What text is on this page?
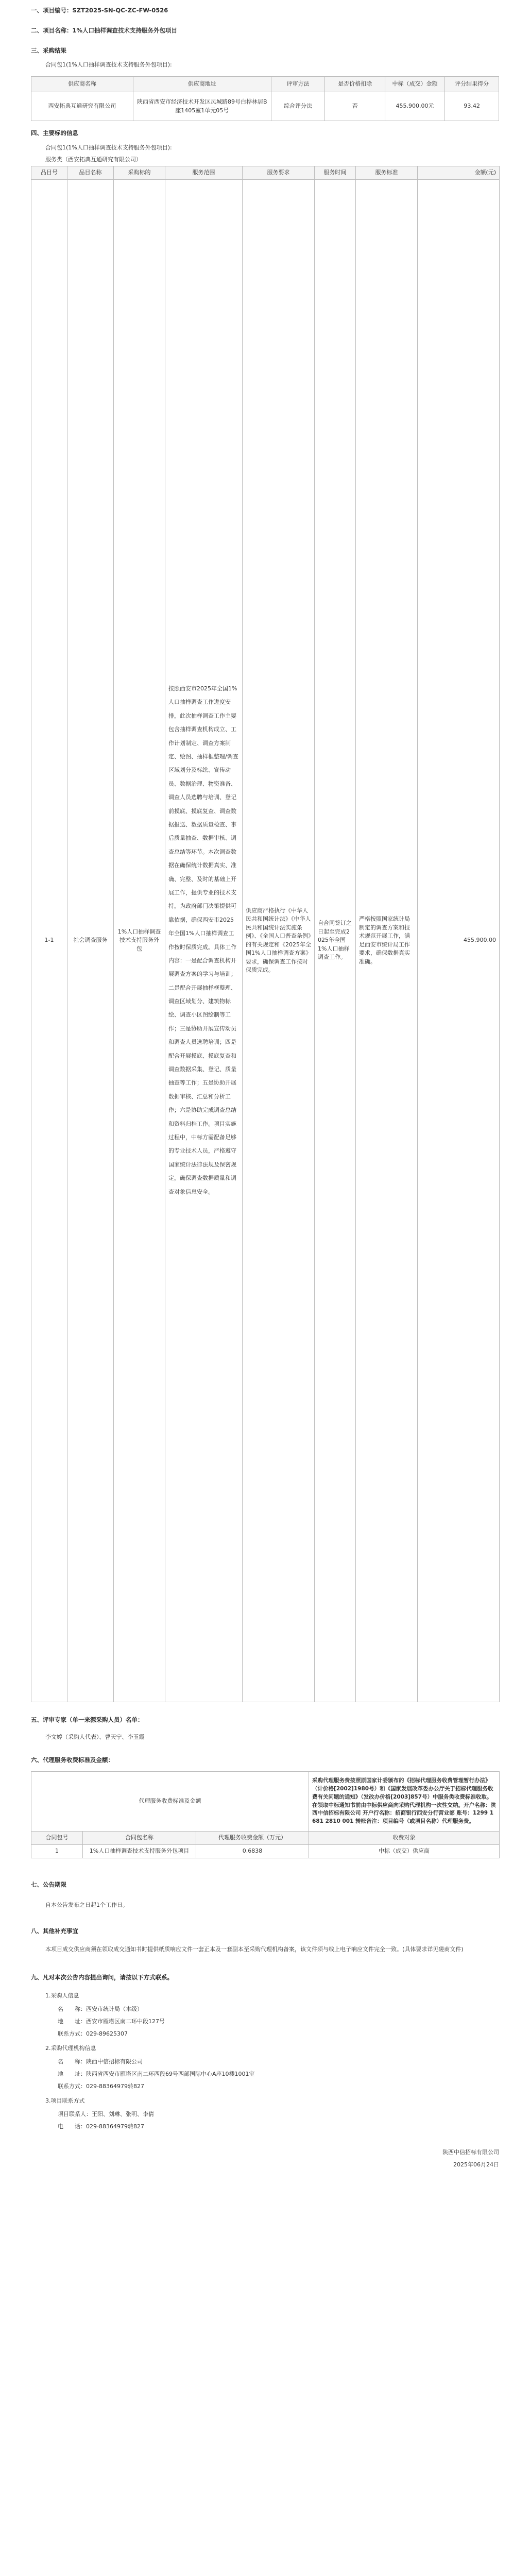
一、项目编号：SZT2025-SN-QC-ZC-FW-0526
二、项目名称：1%人口抽样调查技术支持服务外包项目
三、采购结果
合同包1(1%人口抽样调查技术支持服务外包项目):
供应商名称	供应商地址	评审方法	是否价格扣除	中标（成交）金额	评分结果得分
西安拓典互通研究有限公司	陕西省西安市经济技术开发区凤城路89号白桦林居B座1405室1单元05号	综合评分法	否	455,900.00元	93.42
四、主要标的信息
合同包1(1%人口抽样调查技术支持服务外包项目):
服务类（西安拓典互通研究有限公司）
品目号	品目名称	采购标的	服务范围	服务要求	服务时间	服务标准	金额(元)
1-1	社会调查服务	1%人口抽样调查技术支持服务外包	按照西安市2025年全国1%人口抽样调查工作进度安排，此次抽样调查工作主要包含抽样调查机构成立、工作计划制定、调查方案制定、绘图、抽样框整理/调查区域划分及标绘、宣传动员、数据治理、物资准备、调查人员选聘与培训、登记前摸底、摸底复查、调查数据报送、数据质量检查、事后质量抽查、数据审核、调查总结等环节。本次调查数据在确保统计数据真实、准确、完整、及时的基础上开展工作，提供专业的技术支持，为政府部门决策提供可靠依据，确保西安市2025年全国1%人口抽样调查工作按时保质完成。具体工作内容：一是配合调查机构开展调查方案的学习与培训；二是配合开展抽样框整理、调查区域划分、建筑物标绘、调查小区图绘制等工作；三是协助开展宣传动员和调查人员选聘培训；四是配合开展摸底、摸底复查和调查数据采集、登记、质量抽查等工作；五是协助开展数据审核、汇总和分析工作；六是协助完成调查总结和资料归档工作。项目实施过程中，中标方需配备足够的专业技术人员，严格遵守国家统计法律法规及保密规定，确保调查数据质量和调查对象信息安全。	供应商严格执行《中华人民共和国统计法》《中华人民共和国统计法实施条例》、《全国人口普查条例》的有关规定和《2025年全国1%人口抽样调查方案》要求，确保调查工作按时保质完成。	自合同签订之日起至完成2025年全国1%人口抽样调查工作。	严格按照国家统计局制定的调查方案和技术规范开展工作，满足西安市统计局工作要求，确保数据真实准确。	455,900.00
五、评审专家（单一来源采购人员）名单：
李文婷（采购人代表）、曹天宁、李玉霞
六、代理服务收费标准及金额：
代理服务收费标准及金额			采购代理服务费按照原国家计委颁布的《招标代理服务收费管理暂行办法》（计价格[2002]1980号）和《国家发展改革委办公厅关于招标代理服务收费有关问题的通知》（发改办价格[2003]857号）中服务类收费标准收取。在领取中标通知书前由中标供应商向采购代理机构一次性交纳。开户名称：陕西中信招标有限公司 开户行名称：招商银行西安分行营业部 账号：1299 1681 2810 001 转账备注：项目编号（或项目名称）代理服务费。
合同包号	合同包名称	代理服务收费金额（万元）	收费对象
1	1%人口抽样调查技术支持服务外包项目	0.6838	中标（成交）供应商
七、公告期限
自本公告发布之日起1个工作日。
八、其他补充事宜
本项目成交供应商须在领取成交通知书时提供纸质响应文件一套正本及一套副本至采购代理机构备案，该文件须与线上电子响应文件完全一致。(具体要求详见磋商文件)
九、凡对本次公告内容提出询问，请按以下方式联系。
1.采购人信息
名　　称：西安市统计局（本级）
地　　址：西安市雁塔区南二环中段127号
联系方式：029-89625307
2.采购代理机构信息
名　　称：陕西中信招标有限公司
地　　址：陕西省西安市雁塔区南二环西段69号西部国际中心A座10楼1001室
联系方式：029-88364979转827
3.项目联系方式
项目联系人：王阳、刘琳、张明、李倩
电　　话：029-88364979转827
陕西中信招标有限公司
2025年06月24日
